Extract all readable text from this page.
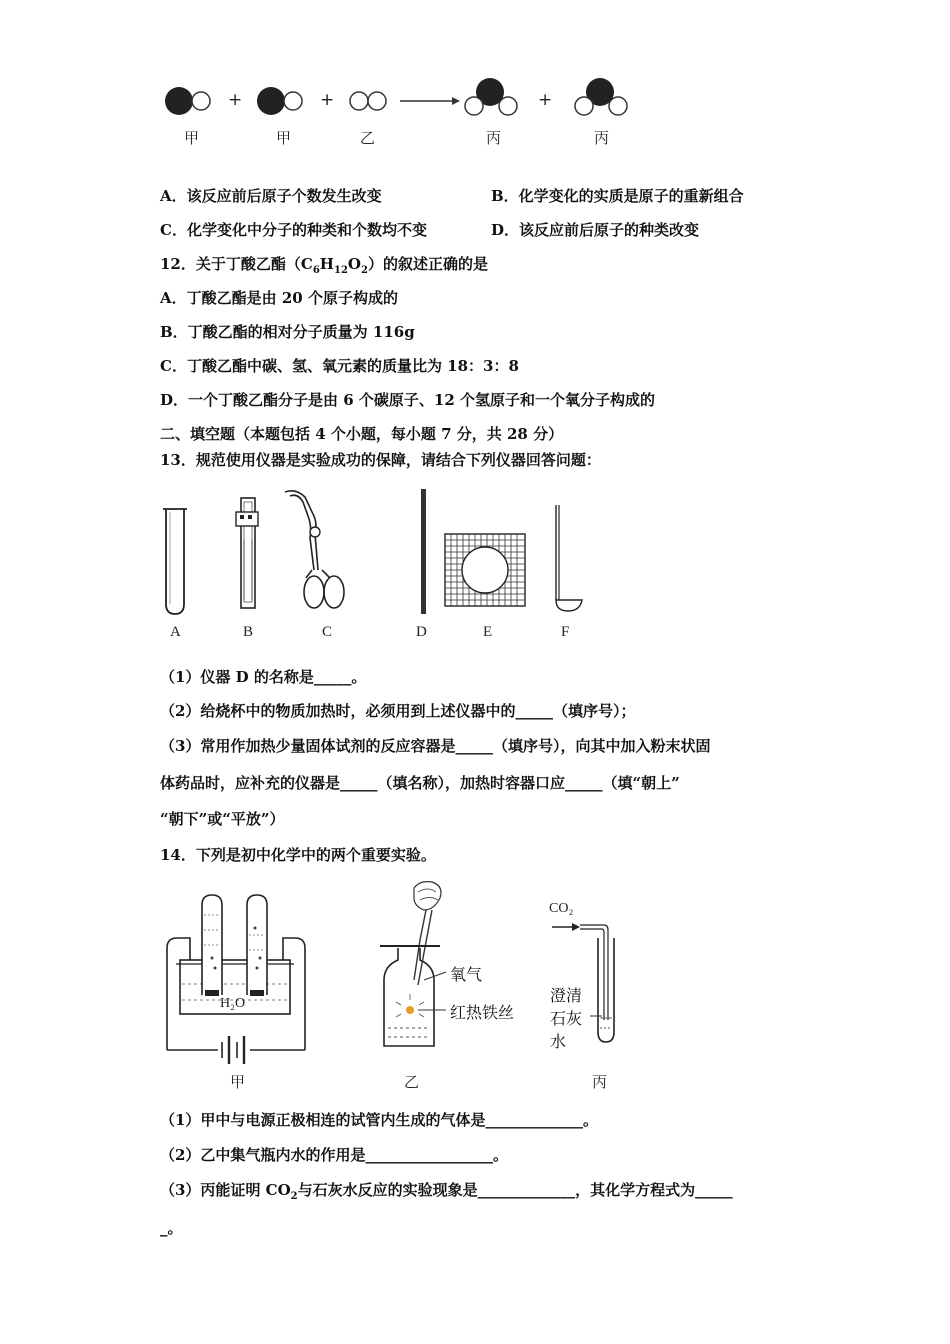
+	+	+
甲	甲	乙	丙	丙
A．该反应前后原子个数发生改变	B．化学变化的实质是原子的重新组合
C．化学变化中分子的种类和个数均不变	D．该反应前后原子的种类改变
12．关于丁酸乙酯$(C_6H_{12}O_2)$的叙述正确的是
A．丁酸乙酯是由 20 个原子构成的
B．丁酸乙酯的相对分子质量为 116g
C．丁酸乙酯中碳、氢、氧元素的质量比为 18：3：8
D．一个丁酸乙酯分子是由 6 个碳原子、12 个氢原子和一个氧分子构成的
二、填空题（本题包括 4 个小题，每小题 7 分，共 28 分）
13．规范使用仪器是实验成功的保障，请结合下列仪器回答问题：
A	B	C	D	E	F
（1）仪器 D 的名称是_____。
（2）给烧杯中的物质加热时，必须用到上述仪器中的_____（填序号）；
（3）常用作加热少量固体试剂的反应容器是_____（填序号），向其中加入粉末状固
体药品时，应补充的仪器是_____（填名称），加热时容器口应_____（填“朝上”
“朝下”或“平放”）
14．下列是初中化学中的两个重要实验。
H₂O
氧气
红热铁丝
CO₂
澄清
石灰
水
甲	乙	丙
（1）甲中与电源正极相连的试管内生成的气体是_____________。
（2）乙中集气瓶内水的作用是_________________。
（3）丙能证明 $CO_2$与石灰水反应的实验现象是_____________，其化学方程式为_____
_。
